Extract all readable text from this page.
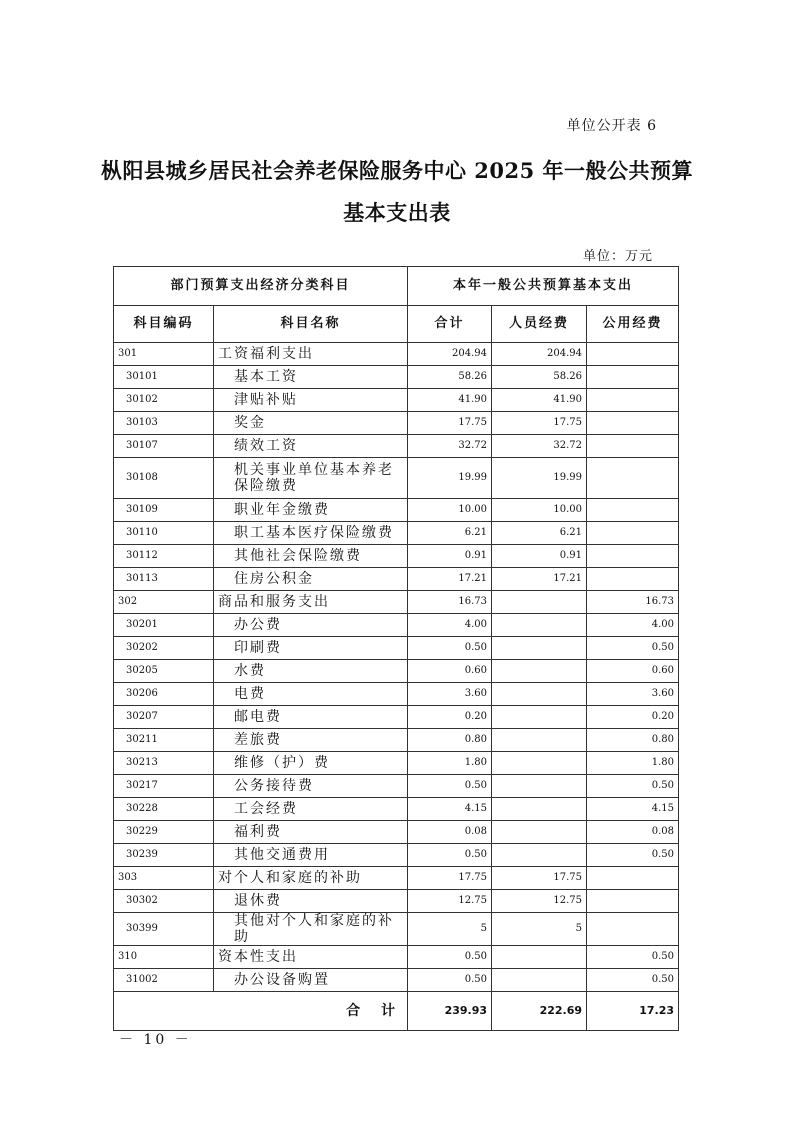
单位公开表 6
枞阳县城乡居民社会养老保险服务中心 2025 年一般公共预算
基本支出表
单位：万元
部门预算支出经济分类科目		本年一般公共预算基本支出		
科目编码	科目名称	合计	人员经费	公用经费
301	工资福利支出	204.94	204.94	
30101	基本工资	58.26	58.26	
30102	津贴补贴	41.90	41.90	
30103	奖金	17.75	17.75	
30107	绩效工资	32.72	32.72	
30108	机关事业单位基本养老保险缴费	19.99	19.99	
30109	职业年金缴费	10.00	10.00	
30110	职工基本医疗保险缴费	6.21	6.21	
30112	其他社会保险缴费	0.91	0.91	
30113	住房公积金	17.21	17.21	
302	商品和服务支出	16.73		16.73
30201	办公费	4.00		4.00
30202	印刷费	0.50		0.50
30205	水费	0.60		0.60
30206	电费	3.60		3.60
30207	邮电费	0.20		0.20
30211	差旅费	0.80		0.80
30213	维修（护）费	1.80		1.80
30217	公务接待费	0.50		0.50
30228	工会经费	4.15		4.15
30229	福利费	0.08		0.08
30239	其他交通费用	0.50		0.50
303	对个人和家庭的补助	17.75	17.75	
30302	退休费	12.75	12.75	
30399	其他对个人和家庭的补助	5	5	
310	资本性支出	0.50		0.50
31002	办公设备购置	0.50		0.50
合 计		239.93	222.69	17.23
－ 10 －
